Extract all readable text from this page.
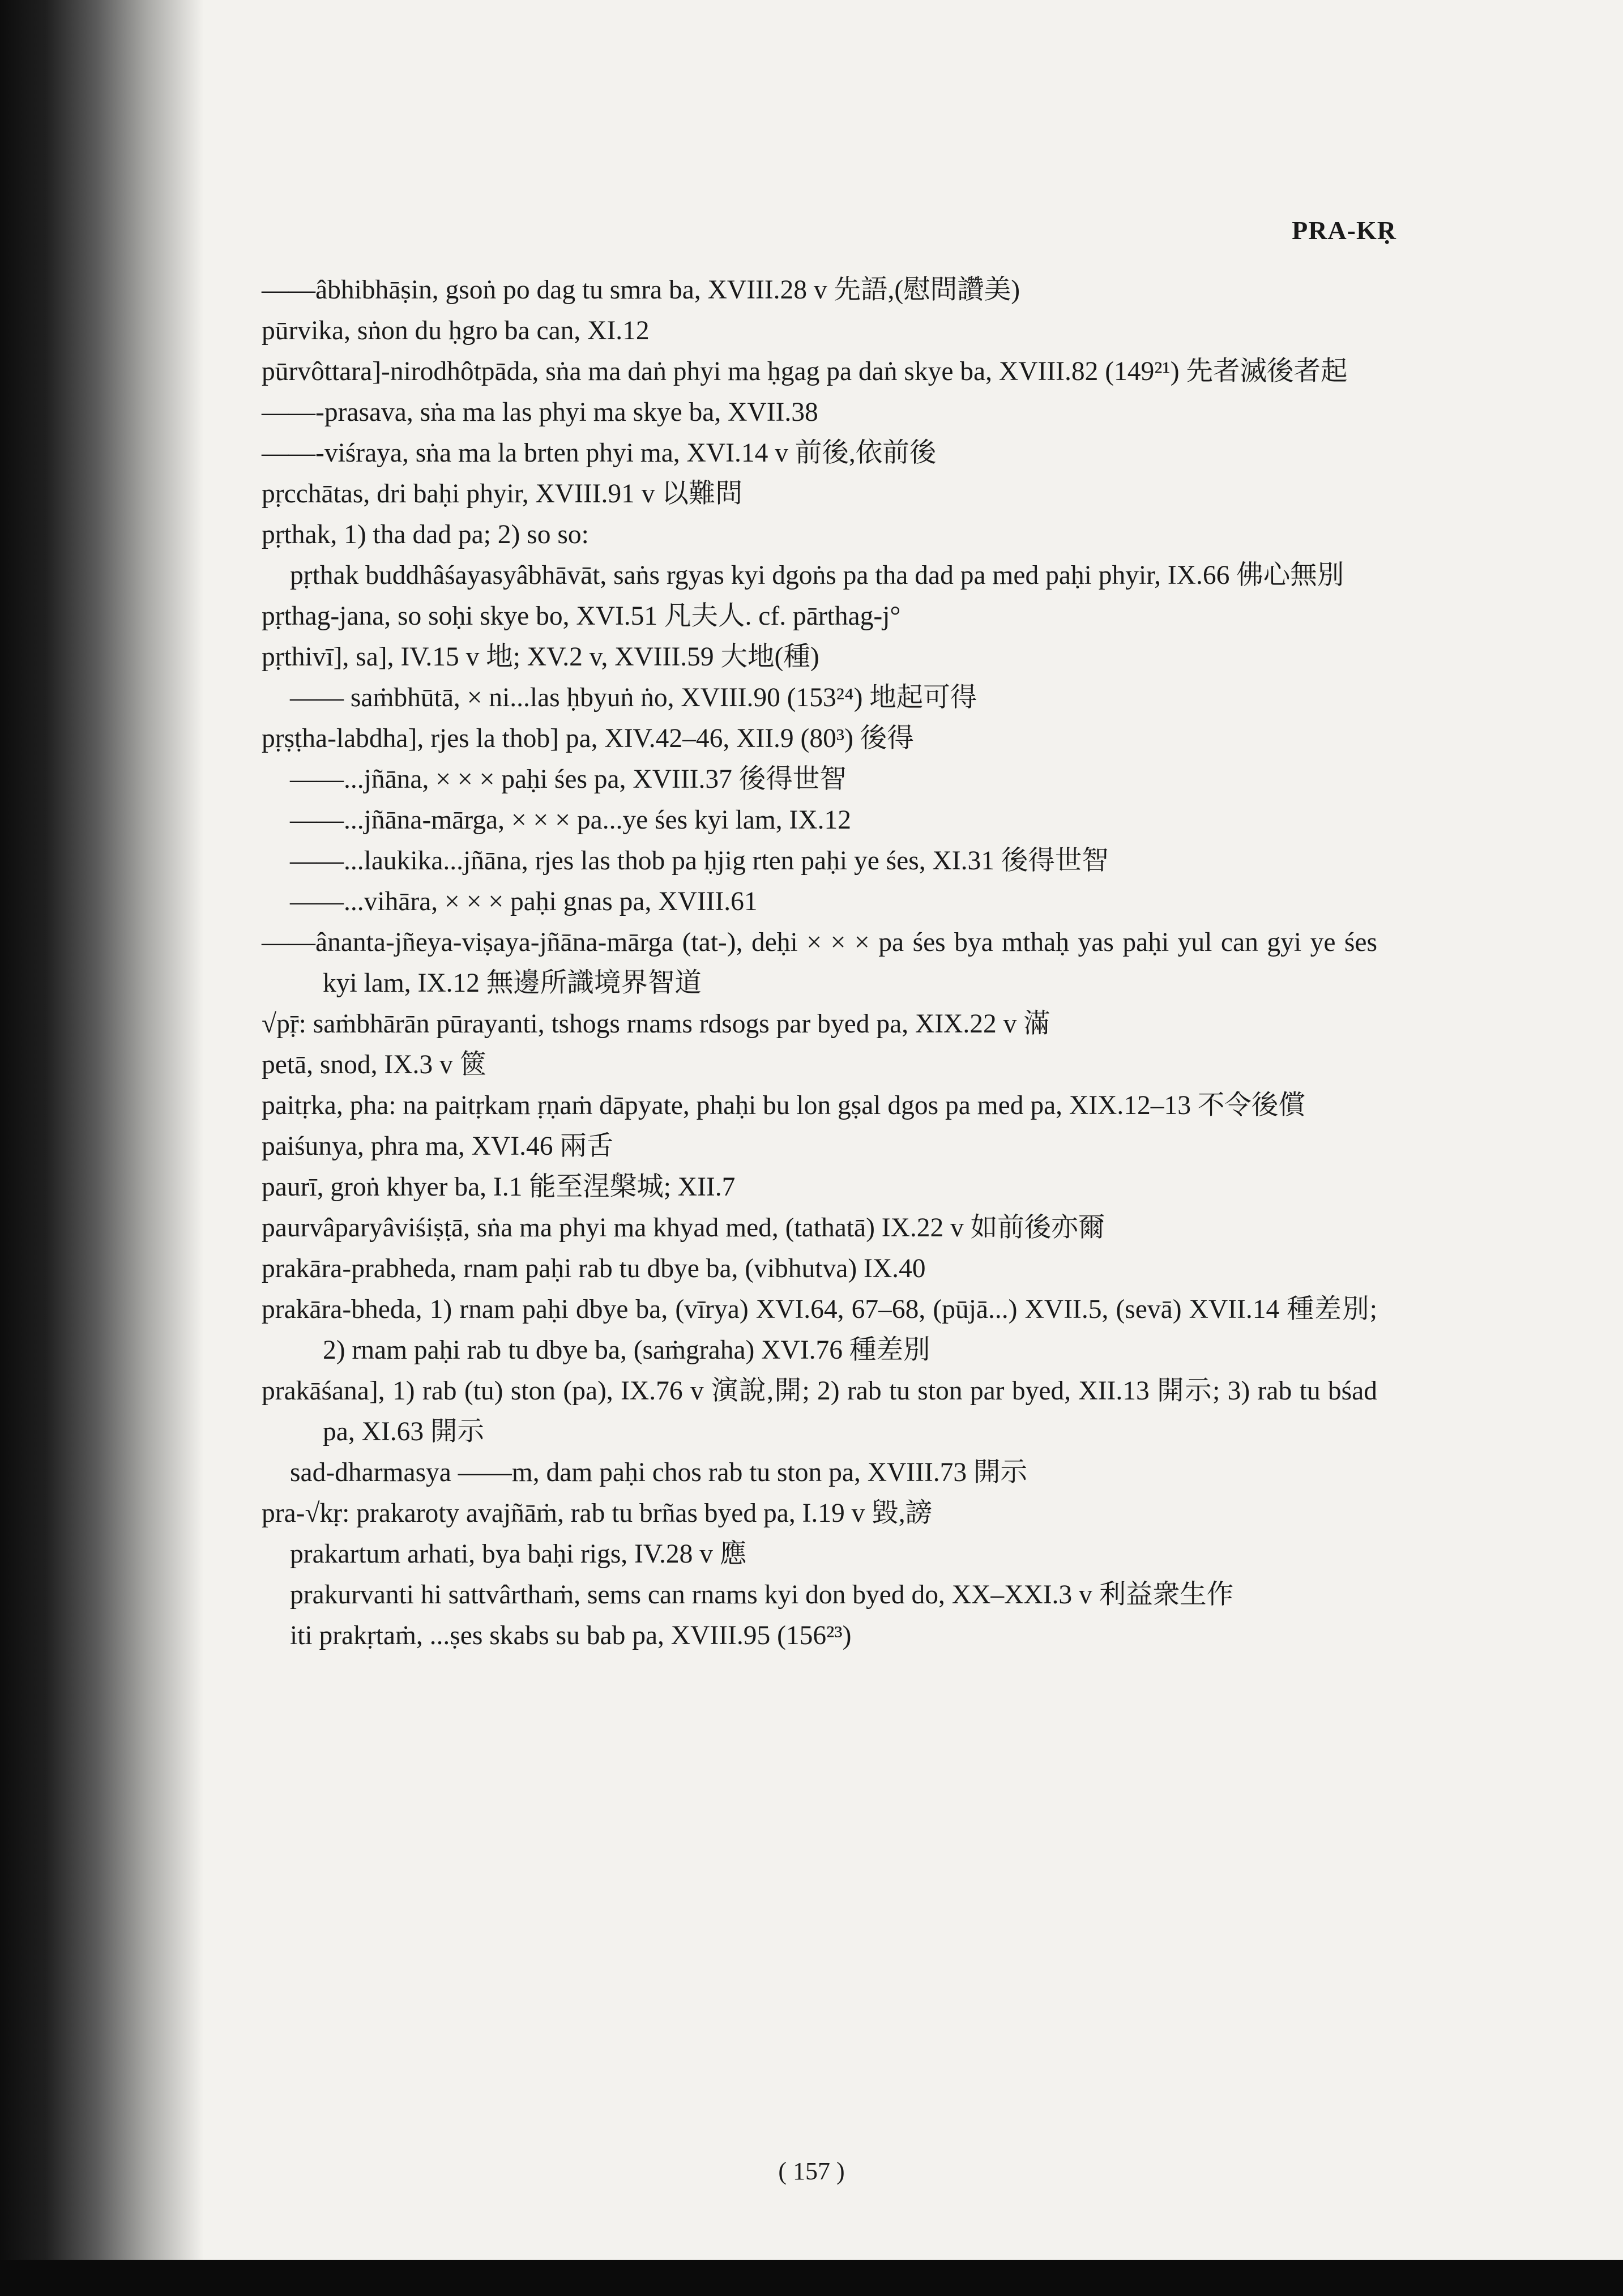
PRA-KṚ
——âbhibhāṣin, gsoṅ po dag tu smra ba, XVIII.28 v 先語,(慰問讚美)
pūrvika, sṅon du ḥgro ba can, XI.12
pūrvôttara]-nirodhôtpāda, sṅa ma daṅ phyi ma ḥgag pa daṅ skye ba, XVIII.82 (149²¹) 先者滅後者起
——-prasava, sṅa ma las phyi ma skye ba, XVII.38
——-viśraya, sṅa ma la brten phyi ma, XVI.14 v 前後,依前後
pṛcchātas, dri baḥi phyir, XVIII.91 v 以難問
pṛthak, 1) tha dad pa; 2) so so:
pṛthak buddhâśayasyâbhāvāt, saṅs rgyas kyi dgoṅs pa tha dad pa med paḥi phyir, IX.66 佛心無別
pṛthag-jana, so soḥi skye bo, XVI.51 凡夫人. cf. pārthag-j°
pṛthivī], sa], IV.15 v 地; XV.2 v, XVIII.59 大地(種)
—— saṁbhūtā, × ni...las ḥbyuṅ ṅo, XVIII.90 (153²⁴) 地起可得
pṛṣṭha-labdha], rjes la thob] pa, XIV.42–46, XII.9 (80³) 後得
——...jñāna, × × × paḥi śes pa, XVIII.37 後得世智
——...jñāna-mārga, × × × pa...ye śes kyi lam, IX.12
——...laukika...jñāna, rjes las thob pa ḥjig rten paḥi ye śes, XI.31 後得世智
——...vihāra, × × × paḥi gnas pa, XVIII.61
——ânanta-jñeya-viṣaya-jñāna-mārga (tat-), deḥi × × × pa śes bya mthaḥ yas paḥi yul can gyi ye śes kyi lam, IX.12 無邊所識境界智道
√pṝ: saṁbhārān pūrayanti, tshogs rnams rdsogs par byed pa, XIX.22 v 滿
petā, snod, IX.3 v 篋
paitṛka, pha: na paitṛkam ṛṇaṁ dāpyate, phaḥi bu lon gṣal dgos pa med pa, XIX.12–13 不令後償
paiśunya, phra ma, XVI.46 兩舌
paurī, groṅ khyer ba, I.1 能至涅槃城; XII.7
paurvâparyâviśiṣṭā, sṅa ma phyi ma khyad med, (tathatā) IX.22 v 如前後亦爾
prakāra-prabheda, rnam paḥi rab tu dbye ba, (vibhutva) IX.40
prakāra-bheda, 1) rnam paḥi dbye ba, (vīrya) XVI.64, 67–68, (pūjā...) XVII.5, (sevā) XVII.14 種差別; 2) rnam paḥi rab tu dbye ba, (saṁgraha) XVI.76 種差別
prakāśana], 1) rab (tu) ston (pa), IX.76 v 演說,開; 2) rab tu ston par byed, XII.13 開示; 3) rab tu bśad pa, XI.63 開示
sad-dharmasya ——m, dam paḥi chos rab tu ston pa, XVIII.73 開示
pra-√kṛ: prakaroty avajñāṁ, rab tu brñas byed pa, I.19 v 毀,謗
prakartum arhati, bya baḥi rigs, IV.28 v 應
prakurvanti hi sattvârthaṁ, sems can rnams kyi don byed do, XX–XXI.3 v 利益衆生作
iti prakṛtaṁ, ...ṣes skabs su bab pa, XVIII.95 (156²³)
( 157 )
